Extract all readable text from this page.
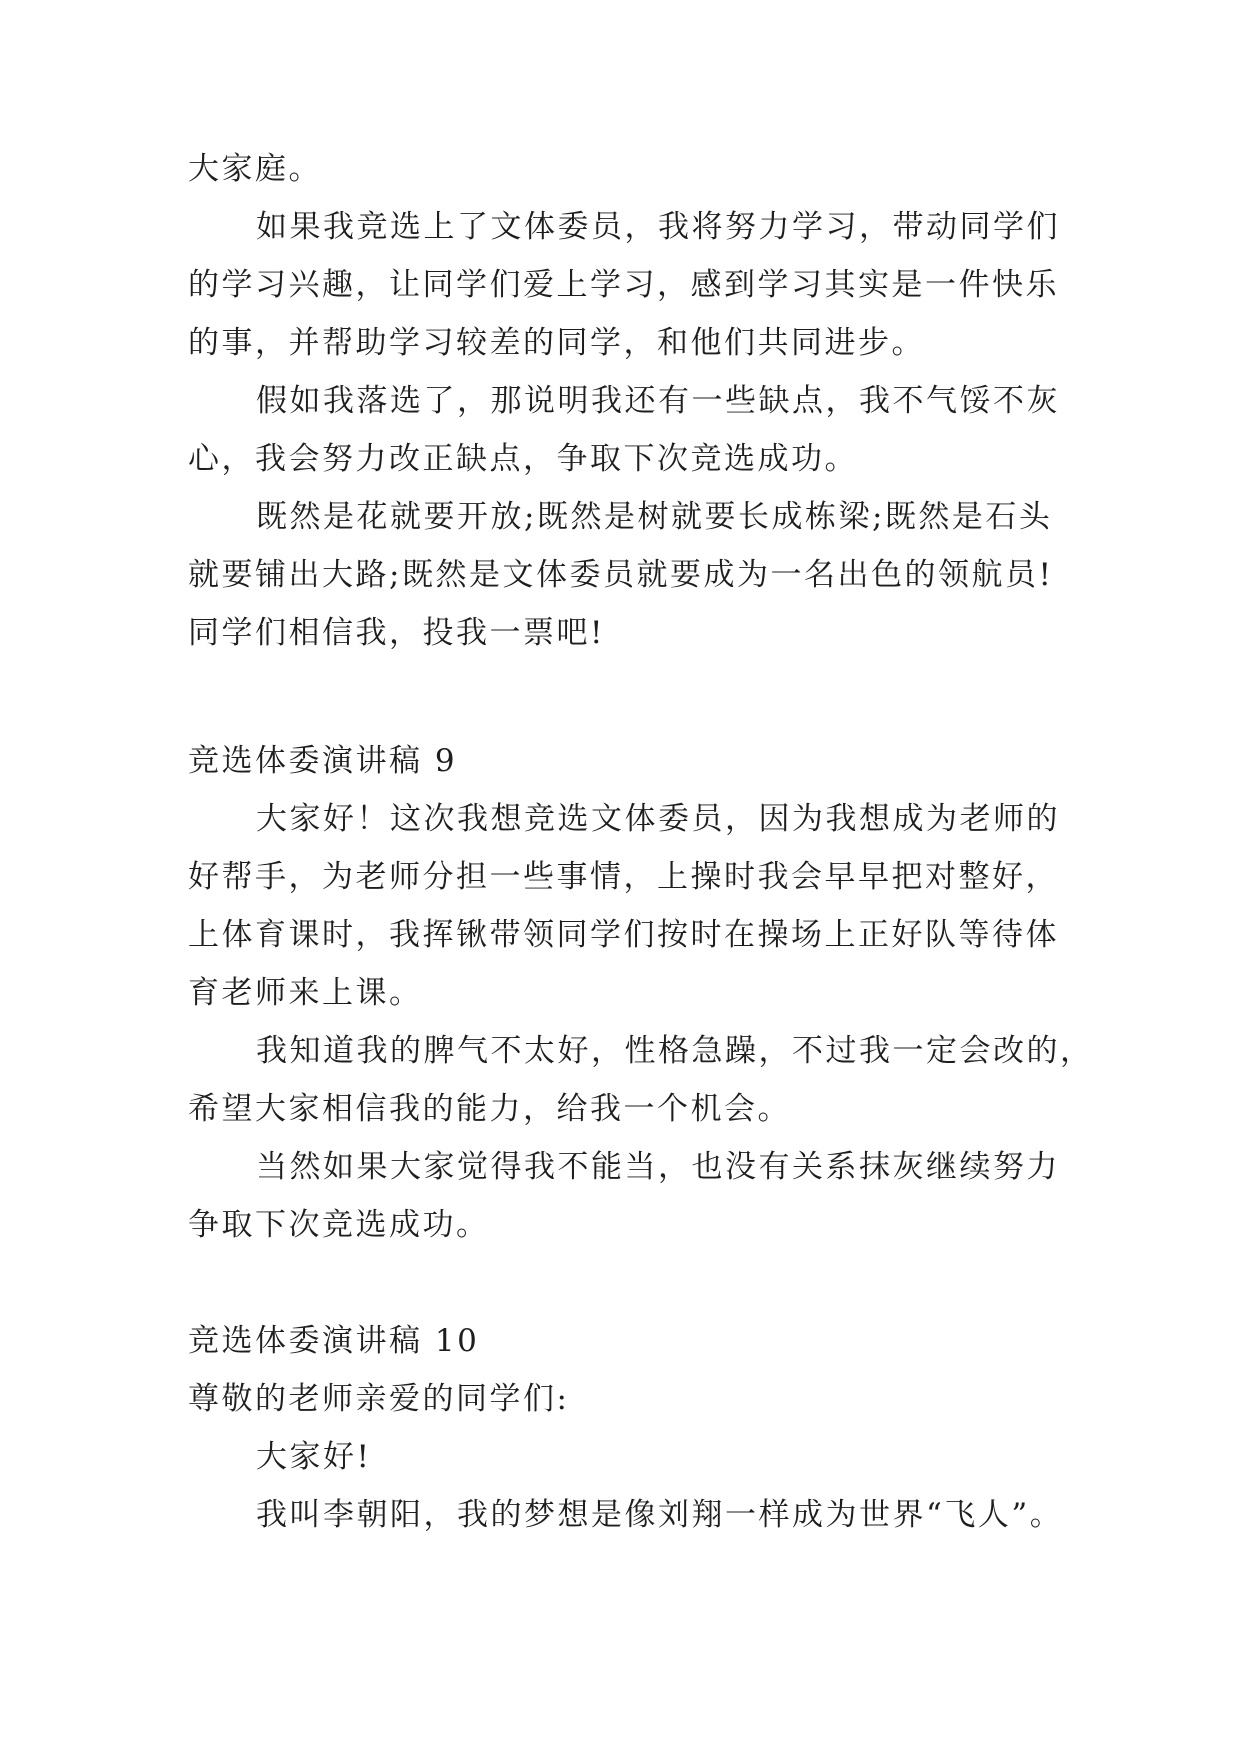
大家庭。
如果我竞选上了文体委员，我将努力学习，带动同学们
的学习兴趣，让同学们爱上学习，感到学习其实是一件快乐
的事，并帮助学习较差的同学，和他们共同进步。
假如我落选了，那说明我还有一些缺点，我不气馁不灰
心，我会努力改正缺点，争取下次竞选成功。
既然是花就要开放;既然是树就要长成栋梁;既然是石头
就要铺出大路;既然是文体委员就要成为一名出色的领航员!
同学们相信我，投我一票吧!
竞选体委演讲稿 9
大家好！这次我想竞选文体委员，因为我想成为老师的
好帮手，为老师分担一些事情，上操时我会早早把对整好，
上体育课时，我挥锹带领同学们按时在操场上正好队等待体
育老师来上课。
我知道我的脾气不太好，性格急躁，不过我一定会改的，
希望大家相信我的能力，给我一个机会。
当然如果大家觉得我不能当，也没有关系抹灰继续努力
争取下次竞选成功。
竞选体委演讲稿 10
尊敬的老师亲爱的同学们:
大家好!
我叫李朝阳，我的梦想是像刘翔一样成为世界“飞人”。
